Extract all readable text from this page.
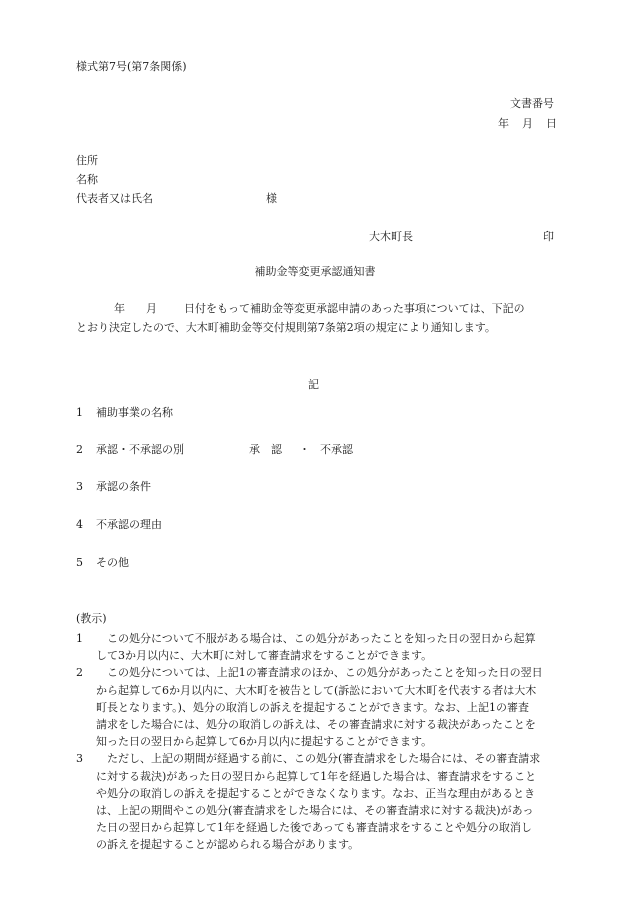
様式第7号(第7条関係)
文書番号
年 月 日
住所
名称
代表者又は氏名	様
大木町長	印
補助金等変更承認通知書
年 月 日付をもって補助金等変更承認申請のあった事項については、下記の
とおり決定したので、大木町補助金等交付規則第7条第2項の規定により通知します。
記
1 補助事業の名称
2 承認・不承認の別	承　認 ・ 不承認
3 承認の条件
4 不承認の理由
5 その他
(教示)
1	この処分について不服がある場合は、この処分があったことを知った日の翌日から起算
して3か月以内に、大木町に対して審査請求をすることができます。
2	この処分については、上記1の審査請求のほか、この処分があったことを知った日の翌日
から起算して6か月以内に、大木町を被告として(訴訟において大木町を代表する者は大木
町長となります。)、処分の取消しの訴えを提起することができます。なお、上記1の審査
請求をした場合には、処分の取消しの訴えは、その審査請求に対する裁決があったことを
知った日の翌日から起算して6か月以内に提起することができます。
3	ただし、上記の期間が経過する前に、この処分(審査請求をした場合には、その審査請求
に対する裁決)があった日の翌日から起算して1年を経過した場合は、審査請求をすること
や処分の取消しの訴えを提起することができなくなります。なお、正当な理由があるとき
は、上記の期間やこの処分(審査請求をした場合には、その審査請求に対する裁決)があっ
た日の翌日から起算して1年を経過した後であっても審査請求をすることや処分の取消し
の訴えを提起することが認められる場合があります。
